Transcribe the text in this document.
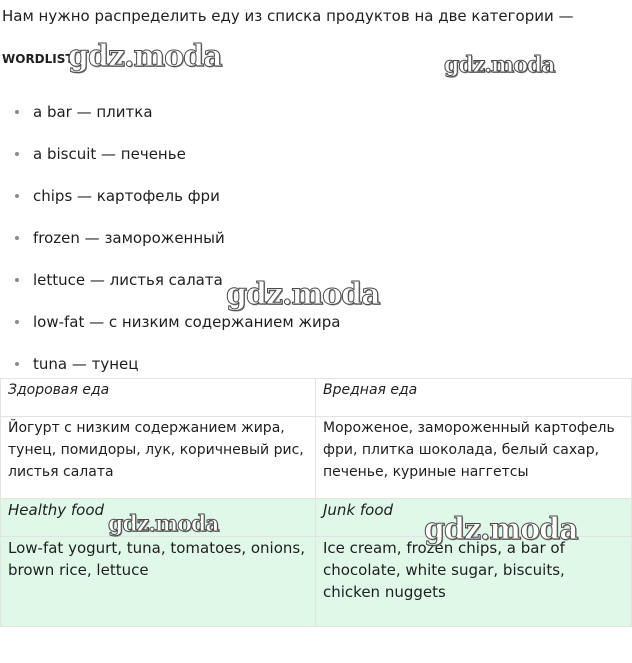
Нам нужно распределить еду из списка продуктов на две категории —
WORDLIST
gdz.moda	gdz.moda
gdz.moda
a bar — плитка
a biscuit — печенье
chips — картофель фри
frozen — замороженный
lettuce — листья салата
low-fat — с низким содержанием жира
tuna — тунец
Здоровая еда	Вредная еда
Йогурт с низким содержанием жира, тунец, помидоры, лук, коричневый рис, листья салата	Мороженое, замороженный картофель фри, плитка шоколада, белый сахар, печенье, куриные наггетсы
Healthy food	Junk food
Low-fat yogurt, tuna, tomatoes, onions, brown rice, lettuce	Ice cream, frozen chips, a bar of chocolate, white sugar, biscuits, chicken nuggets
gdz.moda	gdz.moda
